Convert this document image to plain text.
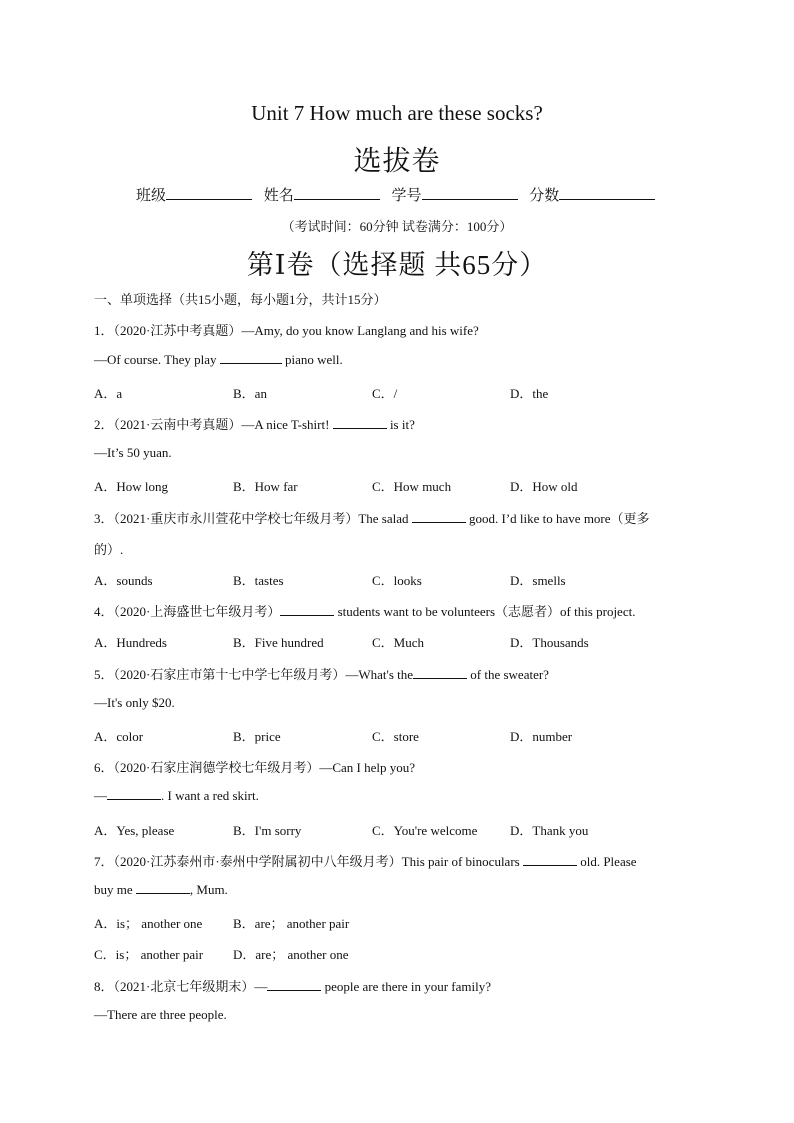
Unit 7 How much are these socks?
选拔卷
班级	姓名	学号	分数
（考试时间：60分钟 试卷满分：100分）
第Ⅰ卷（选择题 共65分）
一、单项选择（共15小题，每小题1分，共计15分）
1．（2020·江苏中考真题）—Amy, do you know Langlang and his wife?
—Of course. They play	piano well.
A．a	B．an	C．/	D．the
2．（2021·云南中考真题）—A nice T-shirt!	is it?
—It’s 50 yuan.
A．How long	B．How far	C．How much	D．How old
3．（2021·重庆市永川萱花中学校七年级月考）The salad	good. I’d like to have more（更多
的）.
A．sounds	B．tastes	C．looks	D．smells
4．（2020·上海盛世七年级月考）	students want to be volunteers（志愿者）of this project.
A．Hundreds	B．Five hundred	C．Much	D．Thousands
5．（2020·石家庄市第十七中学七年级月考）—What's the	of the sweater?
—It's only $20.
A．color	B．price	C．store	D．number
6．（2020·石家庄润德学校七年级月考）—Can I help you?
—	. I want a red skirt.
A．Yes, please	B．I'm sorry	C．You're welcome	D．Thank you
7．（2020·江苏泰州市·泰州中学附属初中八年级月考）This pair of binoculars	old. Please
buy me	, Mum.
A．is； another one B．are； another pair
C．is； another pair D．are； another one
8．（2021·北京七年级期末）—	people are there in your family?
—There are three people.
